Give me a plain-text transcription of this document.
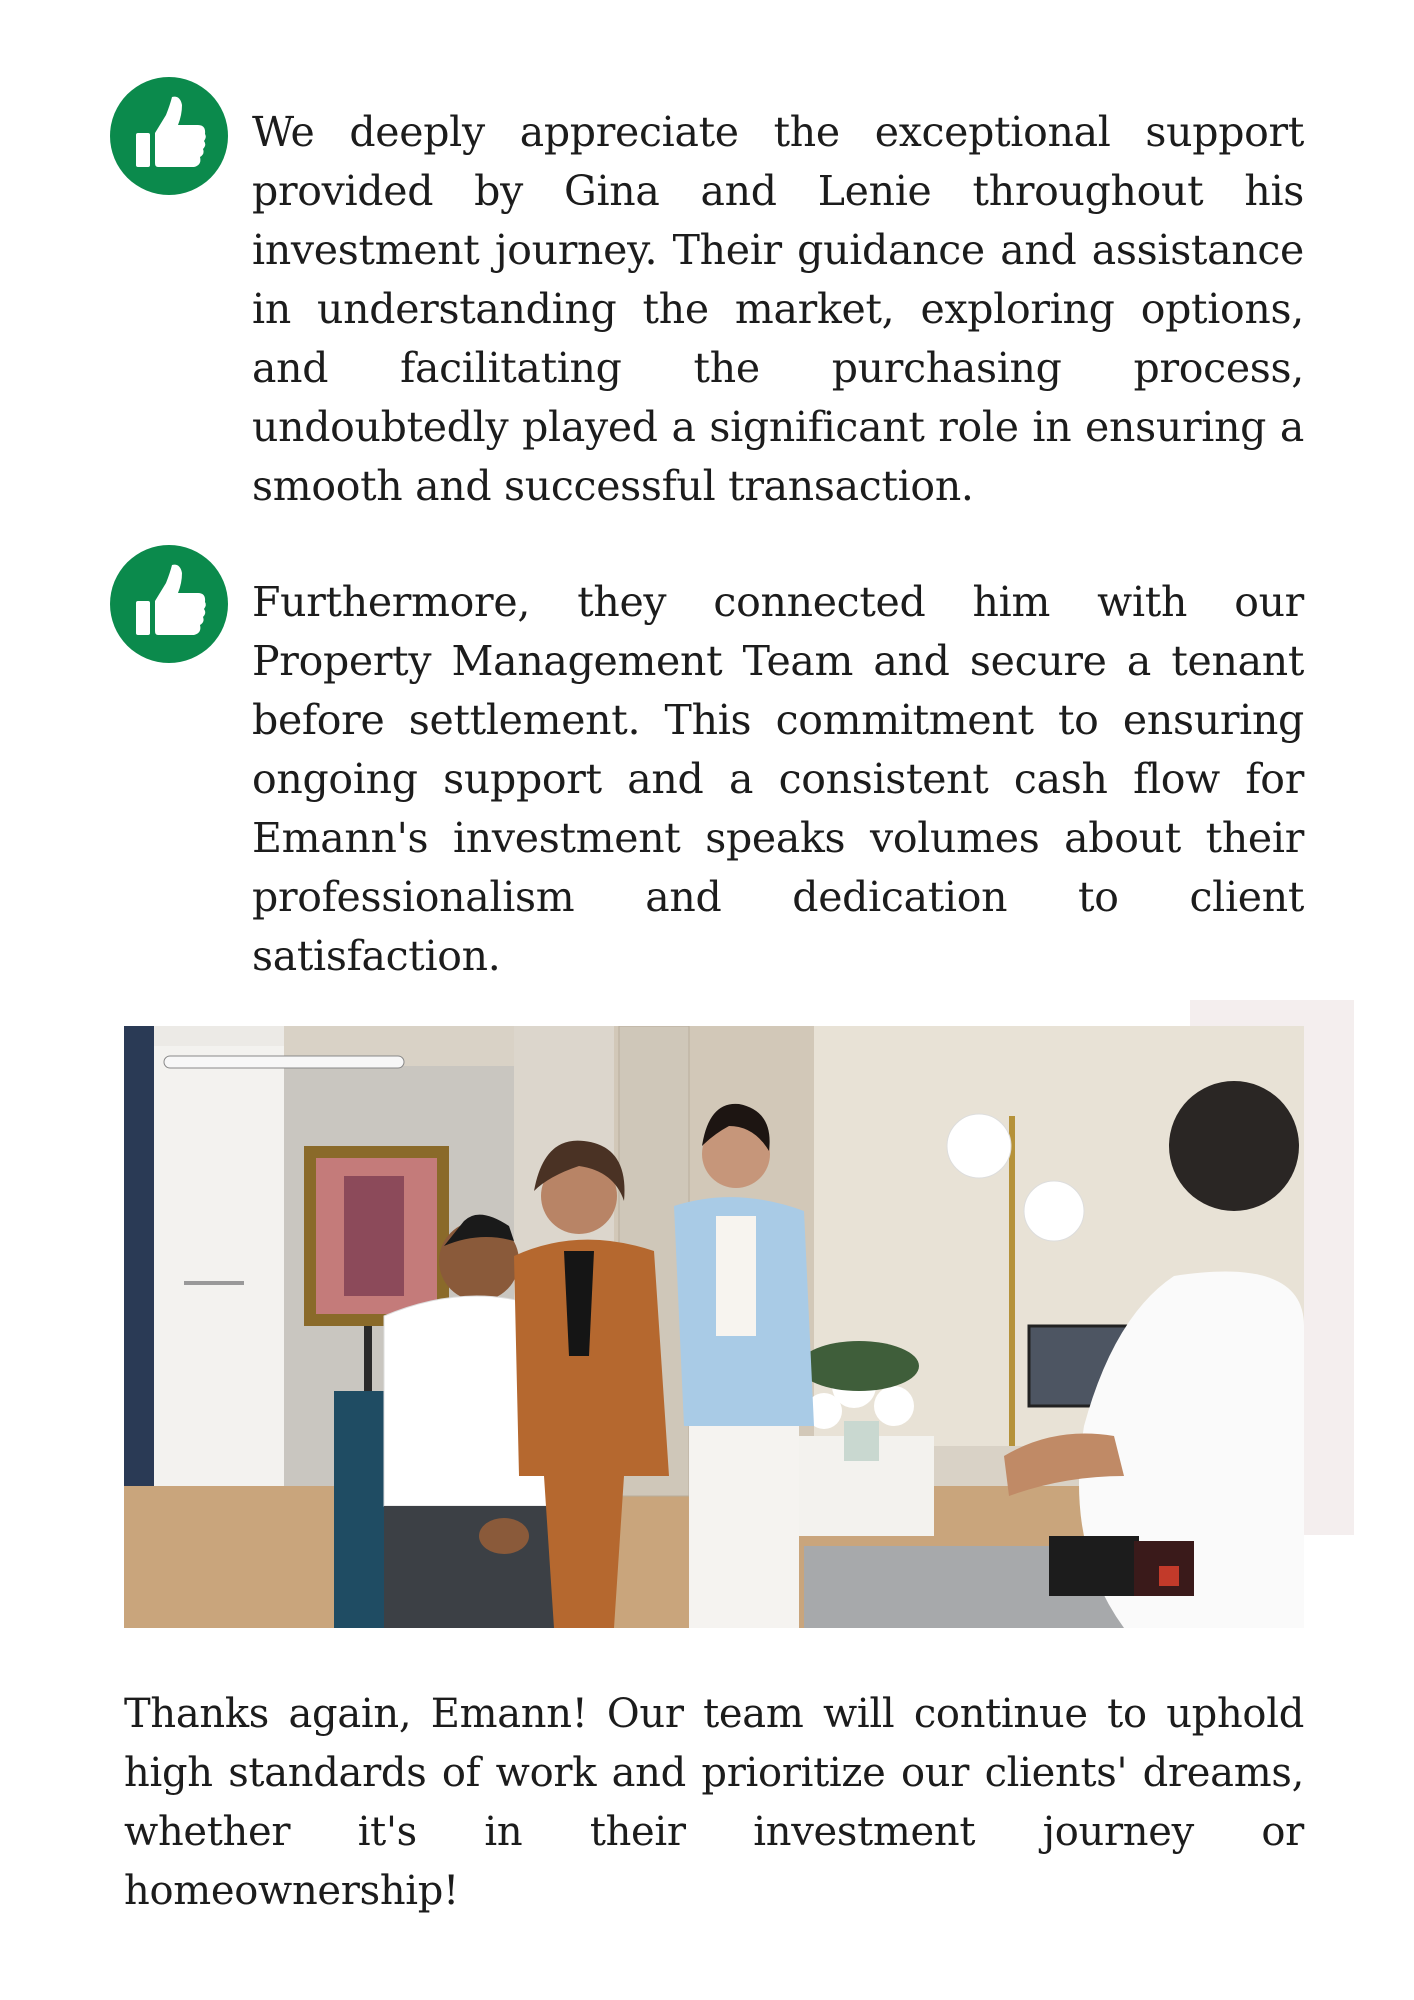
We deeply appreciate the exceptional support provided by Gina and Lenie throughout his investment journey. Their guidance and assistance in understanding the market, exploring options, and facilitating the purchasing process, undoubtedly played a significant role in ensuring a smooth and successful transaction.
Furthermore, they connected him with our Property Management Team and secure a tenant before settlement. This commitment to ensuring ongoing support and a consistent cash flow for Emann's investment speaks volumes about their professionalism and dedication to client satisfaction.
Thanks again, Emann! Our team will continue to uphold high standards of work and prioritize our clients' dreams, whether it's in their investment journey or homeownership!
